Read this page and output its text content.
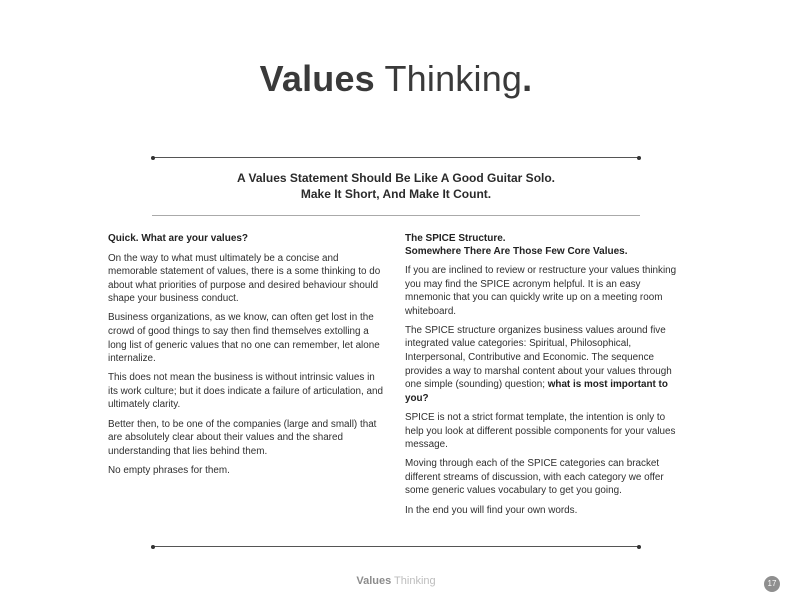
Values Thinking.
A Values Statement Should Be Like A Good Guitar Solo.
Make It Short, And Make It Count.
Quick. What are your values?

On the way to what must ultimately be a concise and memorable statement of values, there is a some thinking to do about what priorities of purpose and desired behaviour should shape your business conduct.

Business organizations, as we know, can often get lost in the crowd of good things to say then find themselves extolling a long list of generic values that no one can remember, let alone internalize.

This does not mean the business is without intrinsic values in its work culture; but it does indicate a failure of articulation, and ultimately clarity.

Better then, to be one of the companies (large and small) that are absolutely clear about their values and the shared understanding that lies behind them.

No empty phrases for them.

The SPICE Structure.
Somewhere There Are Those Few Core Values.

If you are inclined to review or restructure your values thinking you may find the SPICE acronym helpful. It is an easy mnemonic that you can quickly write up on a meeting room whiteboard.

The SPICE structure organizes business values around five integrated value categories: Spiritual, Philosophical, Interpersonal, Contributive and Economic. The sequence provides a way to marshal content about your values through one simple (sounding) question; what is most important to you?

SPICE is not a strict format template, the intention is only to help you look at different possible components for your values message.

Moving through each of the SPICE categories can bracket different streams of discussion, with each category we offer some generic values vocabulary to get you going.

In the end you will find your own words.

Values Thinking	17
